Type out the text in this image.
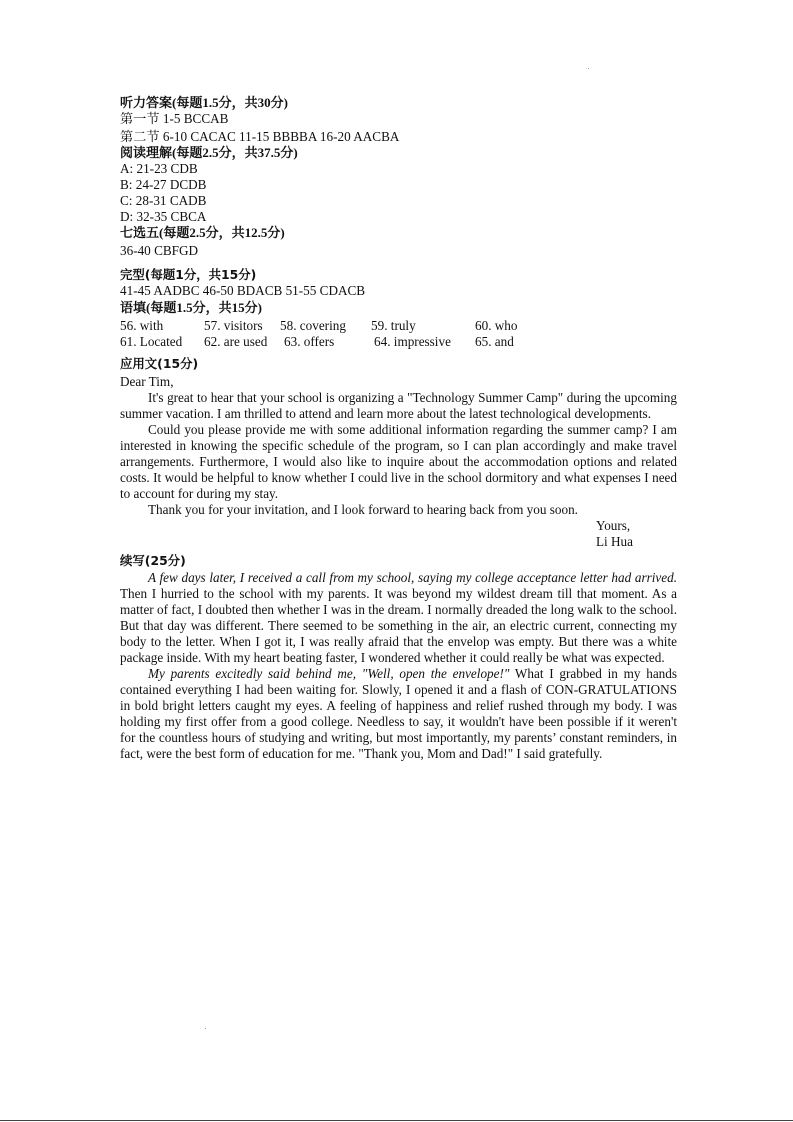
听力答案(每题1.5分，共30分)
第一节 1-5 BCCAB
第二节 6-10 CACAC 11-15 BBBBA 16-20 AACBA
阅读理解(每题2.5分，共37.5分)
A: 21-23 CDB
B: 24-27 DCDB
C: 28-31 CADB
D: 32-35 CBCA
七选五(每题2.5分，共12.5分)
36-40 CBFGD
完型(每题1分，共15分)
41-45 AADBC 46-50 BDACB 51-55 CDACB
语填(每题1.5分，共15分)
56. with	57. visitors	58. covering	59. truly	60. who
61. Located	62. are used	63. offers	64. impressive	65. and
应用文(15分)
Dear Tim,
It's great to hear that your school is organizing a "Technology Summer Camp" during the upcoming summer vacation. I am thrilled to attend and learn more about the latest technological developments.
Could you please provide me with some additional information regarding the summer camp? I am interested in knowing the specific schedule of the program, so I can plan accordingly and make travel arrangements. Furthermore, I would also like to inquire about the accommodation options and related costs. It would be helpful to know whether I could live in the school dormitory and what expenses I need to account for during my stay.
Thank you for your invitation, and I look forward to hearing back from you soon.
Yours,
Li Hua
续写(25分)
A few days later, I received a call from my school, saying my college acceptance letter had arrived. Then I hurried to the school with my parents. It was beyond my wildest dream till that moment. As a matter of fact, I doubted then whether I was in the dream. I normally dreaded the long walk to the school. But that day was different. There seemed to be something in the air, an electric current, connecting my body to the letter. When I got it, I was really afraid that the envelop was empty. But there was a white package inside. With my heart beating faster, I wondered whether it could really be what was expected.
My parents excitedly said behind me, "Well, open the envelope!" What I grabbed in my hands contained everything I had been waiting for. Slowly, I opened it and a flash of CON-GRATULATIONS in bold bright letters caught my eyes. A feeling of happiness and relief rushed through my body. I was holding my first offer from a good college. Needless to say, it wouldn't have been possible if it weren't for the countless hours of studying and writing, but most importantly, my parents’ constant reminders, in fact, were the best form of education for me. "Thank you, Mom and Dad!" I said gratefully.
